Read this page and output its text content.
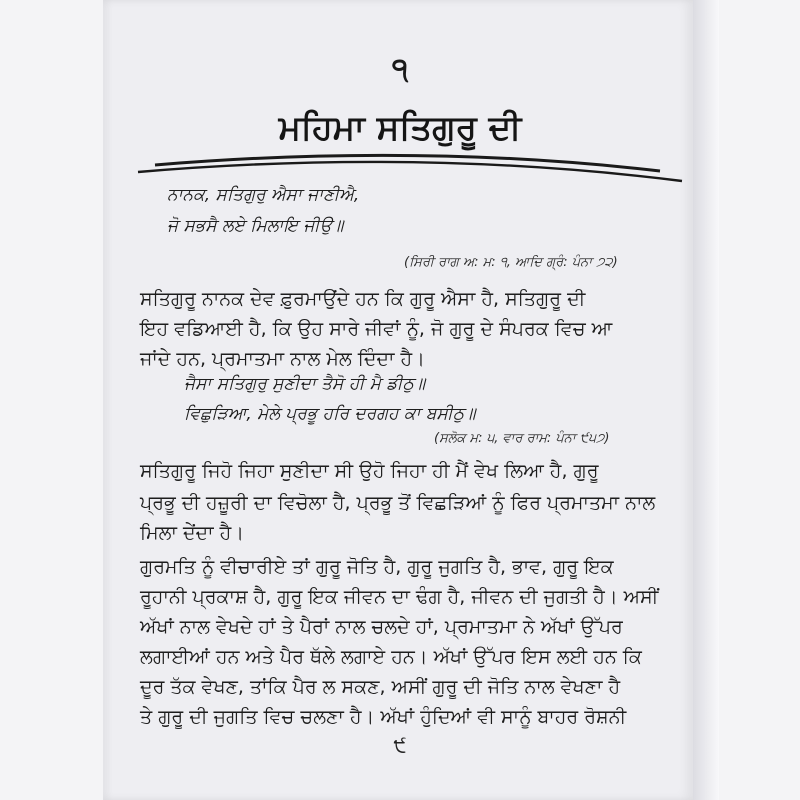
੧
ਮਹਿਮਾ ਸਤਿਗੁਰੂ ਦੀ
ਨਾਨਕ, ਸਤਿਗੁਰੁ ਐਸਾ ਜਾਣੀਐ,
ਜੋ ਸਭਸੈ ਲਏ ਮਿਲਾਇ ਜੀਉ॥
(ਸਿਰੀ ਰਾਗ ਅ: ਮ: ੧, ਆਦਿ ਗ੍ਰੰ: ਪੰਨਾ ੭੨)
ਸਤਿਗੁਰੂ ਨਾਨਕ ਦੇਵ ਫ਼ੁਰਮਾਉਂਦੇ ਹਨ ਕਿ ਗੁਰੂ ਐਸਾ ਹੈ, ਸਤਿਗੁਰੂ ਦੀ
ਇਹ ਵਡਿਆਈ ਹੈ, ਕਿ ਉਹ ਸਾਰੇ ਜੀਵਾਂ ਨੂੰ, ਜੋ ਗੁਰੂ ਦੇ ਸੰਪਰਕ ਵਿਚ ਆ
ਜਾਂਦੇ ਹਨ, ਪ੍ਰਮਾਤਮਾ ਨਾਲ ਮੇਲ ਦਿੰਦਾ ਹੈ।
ਜੈਸਾ ਸਤਿਗੁਰੁ ਸੁਣੀਦਾ ਤੈਸੋ ਹੀ ਮੈ ਡੀਠੁ॥
ਵਿਛੁੜਿਆ, ਮੇਲੇ ਪ੍ਰਭੂ ਹਰਿ ਦਰਗਹ ਕਾ ਬਸੀਠੁ॥
(ਸਲੋਕ ਮ: ੫, ਵਾਰ ਰਾਮ: ਪੰਨਾ ੯੫੭)
ਸਤਿਗੁਰੂ ਜਿਹੋ ਜਿਹਾ ਸੁਣੀਦਾ ਸੀ ਉਹੋ ਜਿਹਾ ਹੀ ਮੈਂ ਵੇਖ ਲਿਆ ਹੈ, ਗੁਰੂ
ਪ੍ਰਭੂ ਦੀ ਹਜ਼ੂਰੀ ਦਾ ਵਿਚੋਲਾ ਹੈ, ਪ੍ਰਭੂ ਤੋਂ ਵਿਛੜਿਆਂ ਨੂੰ ਫਿਰ ਪ੍ਰਮਾਤਮਾ ਨਾਲ
ਮਿਲਾ ਦੇਂਦਾ ਹੈ।
ਗੁਰਮਤਿ ਨੂੰ ਵੀਚਾਰੀਏ ਤਾਂ ਗੁਰੂ ਜੋਤਿ ਹੈ, ਗੁਰੂ ਜੁਗਤਿ ਹੈ, ਭਾਵ, ਗੁਰੂ ਇਕ
ਰੂਹਾਨੀ ਪ੍ਰਕਾਸ਼ ਹੈ, ਗੁਰੂ ਇਕ ਜੀਵਨ ਦਾ ਢੰਗ ਹੈ, ਜੀਵਨ ਦੀ ਜੁਗਤੀ ਹੈ। ਅਸੀਂ
ਅੱਖਾਂ ਨਾਲ ਵੇਖਦੇ ਹਾਂ ਤੇ ਪੈਰਾਂ ਨਾਲ ਚਲਦੇ ਹਾਂ, ਪ੍ਰਮਾਤਮਾ ਨੇ ਅੱਖਾਂ ਉੱਪਰ
ਲਗਾਈਆਂ ਹਨ ਅਤੇ ਪੈਰ ਥੱਲੇ ਲਗਾਏ ਹਨ। ਅੱਖਾਂ ਉੱਪਰ ਇਸ ਲਈ ਹਨ ਕਿ
ਦੂਰ ਤੱਕ ਵੇਖਣ, ਤਾਂਕਿ ਪੈਰ ਲ ਸਕਣ, ਅਸੀਂ ਗੁਰੂ ਦੀ ਜੋਤਿ ਨਾਲ ਵੇਖਣਾ ਹੈ
ਤੇ ਗੁਰੂ ਦੀ ਜੁਗਤਿ ਵਿਚ ਚਲਣਾ ਹੈ। ਅੱਖਾਂ ਹੁੰਦਿਆਂ ਵੀ ਸਾਨੂੰ ਬਾਹਰ ਰੋਸ਼ਨੀ
੯
